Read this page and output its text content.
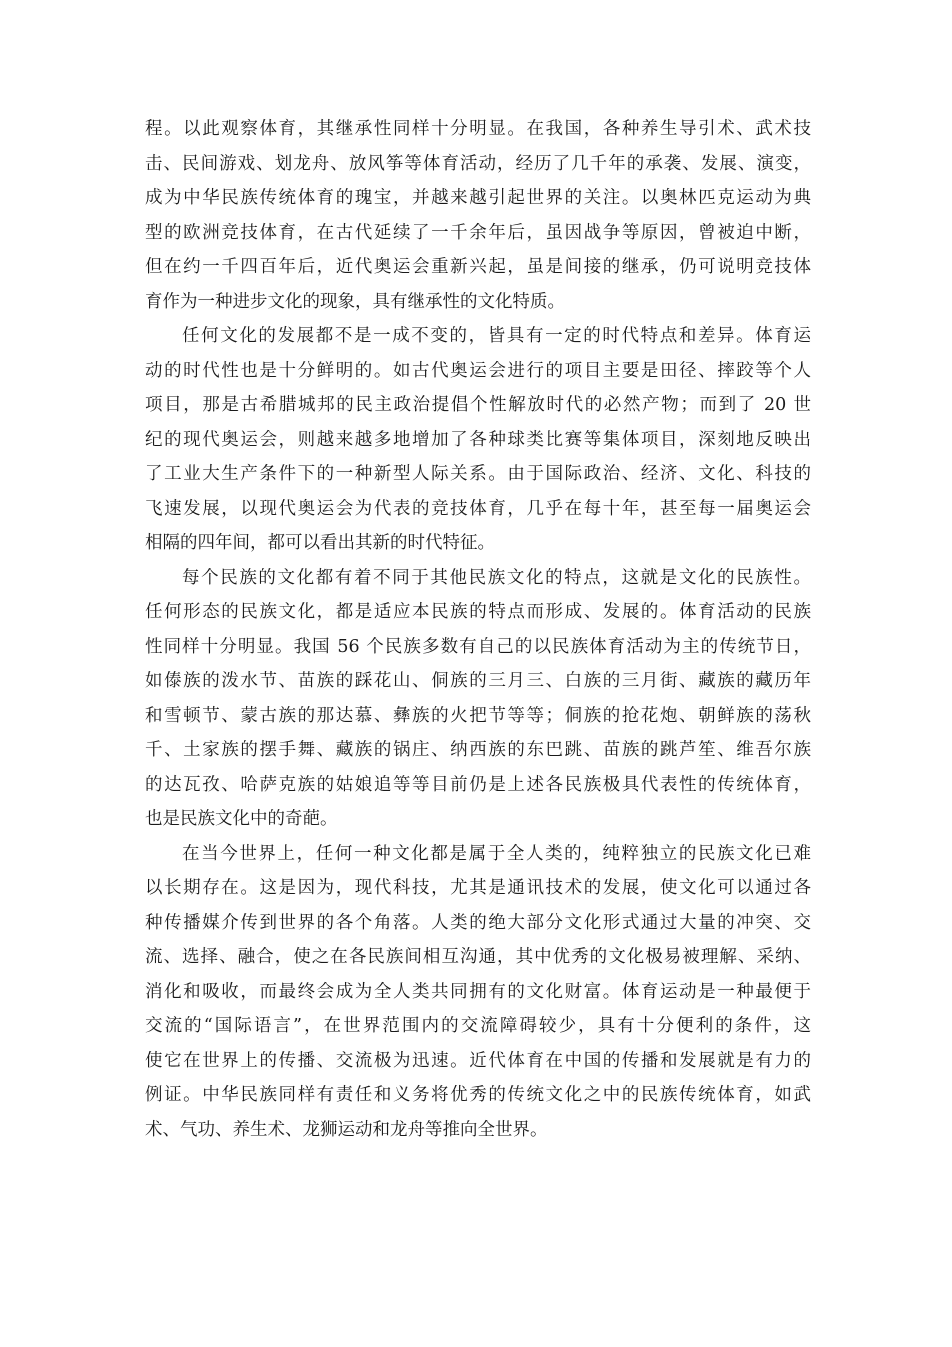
程。以此观察体育，其继承性同样十分明显。在我国，各种养生导引术、武术技
击、民间游戏、划龙舟、放风筝等体育活动，经历了几千年的承袭、发展、演变，
成为中华民族传统体育的瑰宝，并越来越引起世界的关注。以奥林匹克运动为典
型的欧洲竞技体育，在古代延续了一千余年后，虽因战争等原因，曾被迫中断，
但在约一千四百年后，近代奥运会重新兴起，虽是间接的继承，仍可说明竞技体
育作为一种进步文化的现象，具有继承性的文化特质。
任何文化的发展都不是一成不变的，皆具有一定的时代特点和差异。体育运
动的时代性也是十分鲜明的。如古代奥运会进行的项目主要是田径、摔跤等个人
项目，那是古希腊城邦的民主政治提倡个性解放时代的必然产物；而到了 20 世
纪的现代奥运会，则越来越多地增加了各种球类比赛等集体项目，深刻地反映出
了工业大生产条件下的一种新型人际关系。由于国际政治、经济、文化、科技的
飞速发展，以现代奥运会为代表的竞技体育，几乎在每十年，甚至每一届奥运会
相隔的四年间，都可以看出其新的时代特征。
每个民族的文化都有着不同于其他民族文化的特点，这就是文化的民族性。
任何形态的民族文化，都是适应本民族的特点而形成、发展的。体育活动的民族
性同样十分明显。我国 56 个民族多数有自己的以民族体育活动为主的传统节日，
如傣族的泼水节、苗族的踩花山、侗族的三月三、白族的三月街、藏族的藏历年
和雪顿节、蒙古族的那达慕、彝族的火把节等等；侗族的抢花炮、朝鲜族的荡秋
千、土家族的摆手舞、藏族的锅庄、纳西族的东巴跳、苗族的跳芦笙、维吾尔族
的达瓦孜、哈萨克族的姑娘追等等目前仍是上述各民族极具代表性的传统体育，
也是民族文化中的奇葩。
在当今世界上，任何一种文化都是属于全人类的，纯粹独立的民族文化已难
以长期存在。这是因为，现代科技，尤其是通讯技术的发展，使文化可以通过各
种传播媒介传到世界的各个角落。人类的绝大部分文化形式通过大量的冲突、交
流、选择、融合，使之在各民族间相互沟通，其中优秀的文化极易被理解、采纳、
消化和吸收，而最终会成为全人类共同拥有的文化财富。体育运动是一种最便于
交流的“国际语言”，在世界范围内的交流障碍较少，具有十分便利的条件，这
使它在世界上的传播、交流极为迅速。近代体育在中国的传播和发展就是有力的
例证。中华民族同样有责任和义务将优秀的传统文化之中的民族传统体育，如武
术、气功、养生术、龙狮运动和龙舟等推向全世界。
